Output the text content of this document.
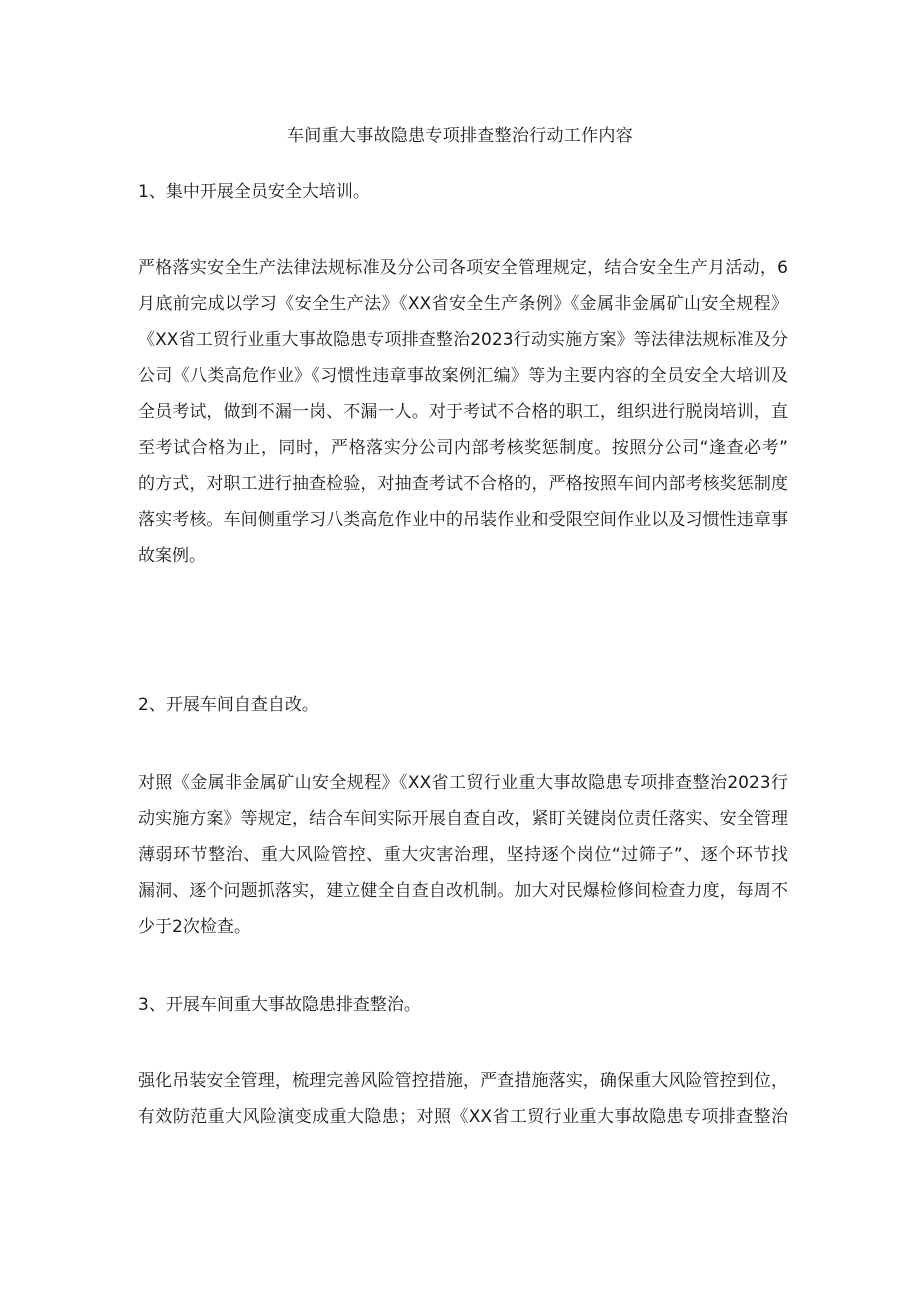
车间重大事故隐患专项排查整治行动工作内容
1、集中开展全员安全大培训。
严格落实安全生产法律法规标准及分公司各项安全管理规定，结合安全生产月活动，6
月底前完成以学习《安全生产法》《XX省安全生产条例》《金属非金属矿山安全规程》
《XX省工贸行业重大事故隐患专项排查整治2023行动实施方案》等法律法规标准及分
公司《八类高危作业》《习惯性违章事故案例汇编》等为主要内容的全员安全大培训及
全员考试，做到不漏一岗、不漏一人。对于考试不合格的职工，组织进行脱岗培训，直
至考试合格为止，同时，严格落实分公司内部考核奖惩制度。按照分公司“逢查必考”
的方式，对职工进行抽查检验，对抽查考试不合格的，严格按照车间内部考核奖惩制度
落实考核。车间侧重学习八类高危作业中的吊装作业和受限空间作业以及习惯性违章事
故案例。
2、开展车间自查自改。
对照《金属非金属矿山安全规程》《XX省工贸行业重大事故隐患专项排查整治2023行
动实施方案》等规定，结合车间实际开展自查自改，紧盯关键岗位责任落实、安全管理
薄弱环节整治、重大风险管控、重大灾害治理，坚持逐个岗位“过筛子”、逐个环节找
漏洞、逐个问题抓落实，建立健全自查自改机制。加大对民爆检修间检查力度，每周不
少于2次检查。
3、开展车间重大事故隐患排查整治。
强化吊装安全管理，梳理完善风险管控措施，严查措施落实，确保重大风险管控到位，
有效防范重大风险演变成重大隐患；对照《XX省工贸行业重大事故隐患专项排查整治
